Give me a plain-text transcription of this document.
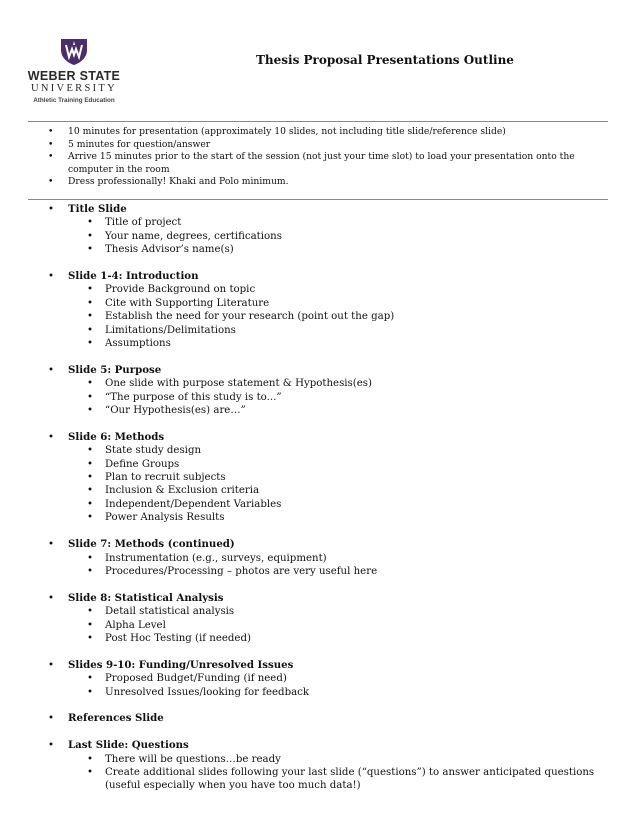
WEBER STATE
UNIVERSITY
Athletic Training Education
Thesis Proposal Presentations Outline
• 10 minutes for presentation (approximately 10 slides, not including title slide/reference slide)
• 5 minutes for question/answer
• Arrive 15 minutes prior to the start of the session (not just your time slot) to load your presentation onto the computer in the room
• Dress professionally! Khaki and Polo minimum.
• Title Slide
• Title of project
• Your name, degrees, certifications
• Thesis Advisor’s name(s)
• Slide 1-4: Introduction
• Provide Background on topic
• Cite with Supporting Literature
• Establish the need for your research (point out the gap)
• Limitations/Delimitations
• Assumptions
• Slide 5: Purpose
• One slide with purpose statement & Hypothesis(es)
• “The purpose of this study is to...”
• “Our Hypothesis(es) are…”
• Slide 6: Methods
• State study design
• Define Groups
• Plan to recruit subjects
• Inclusion & Exclusion criteria
• Independent/Dependent Variables
• Power Analysis Results
• Slide 7: Methods (continued)
• Instrumentation (e.g., surveys, equipment)
• Procedures/Processing – photos are very useful here
• Slide 8: Statistical Analysis
• Detail statistical analysis
• Alpha Level
• Post Hoc Testing (if needed)
• Slides 9-10: Funding/Unresolved Issues
• Proposed Budget/Funding (if need)
• Unresolved Issues/looking for feedback
• References Slide
• Last Slide: Questions
• There will be questions…be ready
• Create additional slides following your last slide (“questions”) to answer anticipated questions (useful especially when you have too much data!)
